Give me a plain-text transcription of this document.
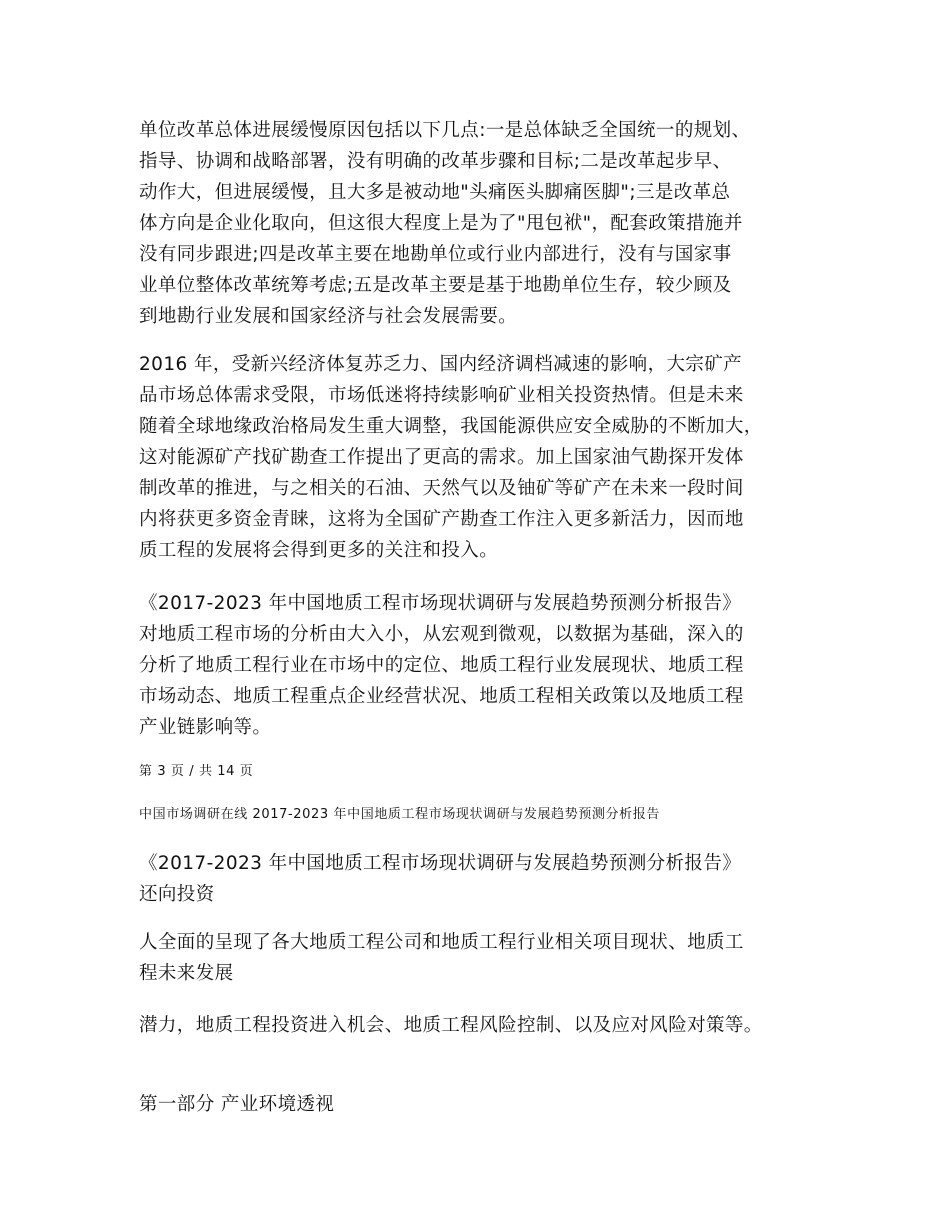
单位改革总体进展缓慢原因包括以下几点:一是总体缺乏全国统一的规划、
指导、协调和战略部署，没有明确的改革步骤和目标;二是改革起步早、
动作大，但进展缓慢，且大多是被动地"头痛医头脚痛医脚";三是改革总
体方向是企业化取向，但这很大程度上是为了"甩包袱"，配套政策措施并
没有同步跟进;四是改革主要在地勘单位或行业内部进行，没有与国家事
业单位整体改革统筹考虑;五是改革主要是基于地勘单位生存，较少顾及
到地勘行业发展和国家经济与社会发展需要。

2016 年，受新兴经济体复苏乏力、国内经济调档减速的影响，大宗矿产
品市场总体需求受限，市场低迷将持续影响矿业相关投资热情。但是未来
随着全球地缘政治格局发生重大调整，我国能源供应安全威胁的不断加大，
这对能源矿产找矿勘查工作提出了更高的需求。加上国家油气勘探开发体
制改革的推进，与之相关的石油、天然气以及铀矿等矿产在未来一段时间
内将获更多资金青睐，这将为全国矿产勘查工作注入更多新活力，因而地
质工程的发展将会得到更多的关注和投入。

《2017-2023 年中国地质工程市场现状调研与发展趋势预测分析报告》
对地质工程市场的分析由大入小，从宏观到微观，以数据为基础，深入的
分析了地质工程行业在市场中的定位、地质工程行业发展现状、地质工程
市场动态、地质工程重点企业经营状况、地质工程相关政策以及地质工程
产业链影响等。

第 3 页 / 共 14 页
中国市场调研在线 2017-2023 年中国地质工程市场现状调研与发展趋势预测分析报告

《2017-2023 年中国地质工程市场现状调研与发展趋势预测分析报告》
还向投资

人全面的呈现了各大地质工程公司和地质工程行业相关项目现状、地质工
程未来发展

潜力，地质工程投资进入机会、地质工程风险控制、以及应对风险对策等。

第一部分 产业环境透视
